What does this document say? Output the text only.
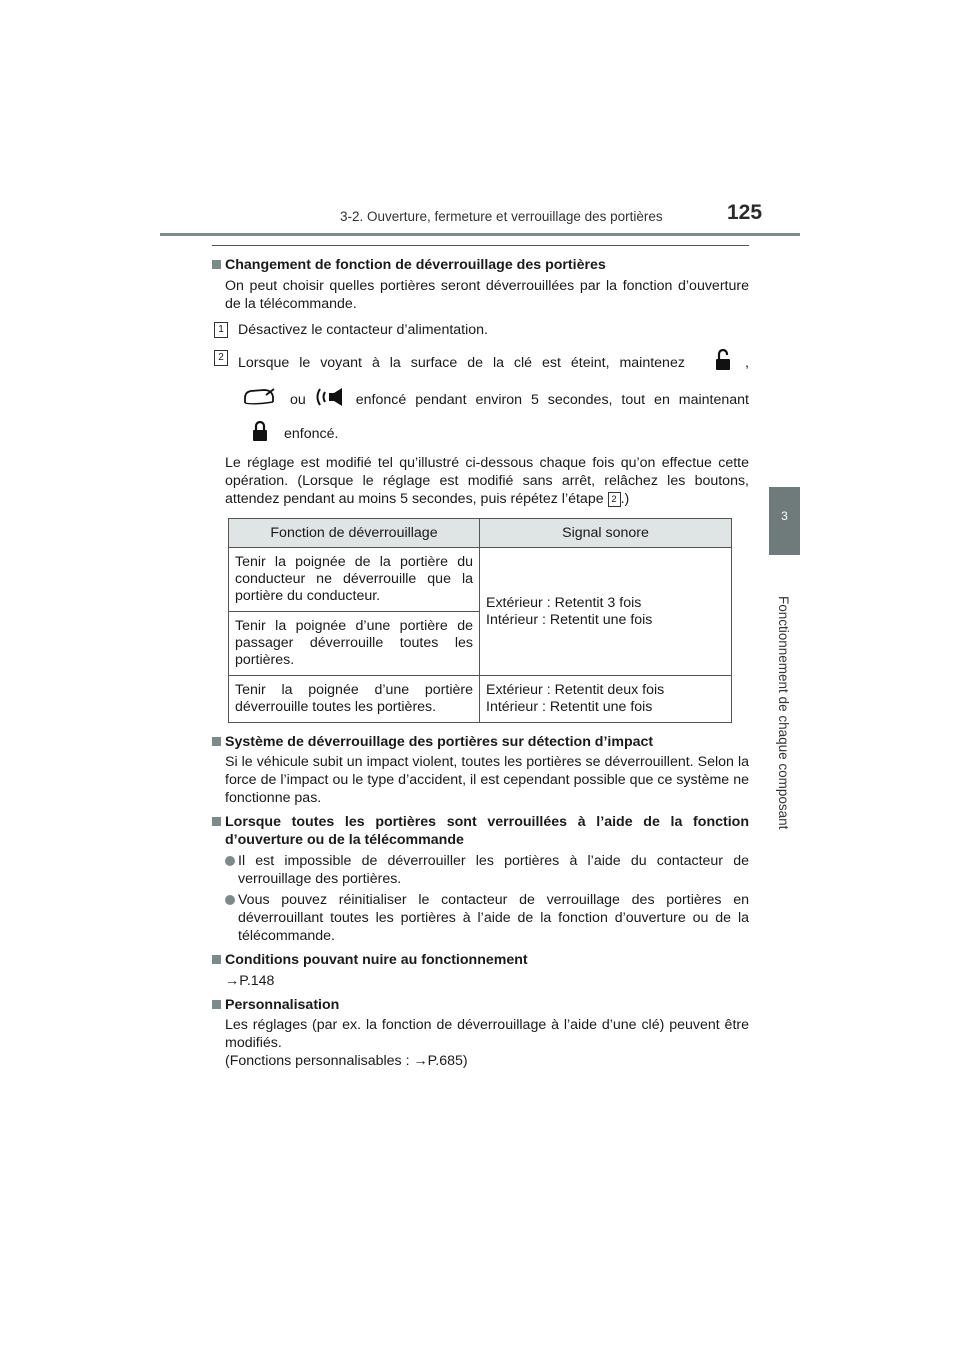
125
3-2. Ouverture, fermeture et verrouillage des portières
3
Fonctionnement de chaque composant
Changement de fonction de déverrouillage des portières
On peut choisir quelles portières seront déverrouillées par la fonction d’ouverture de la télécommande.
1 Désactivez le contacteur d’alimentation.
2 Lorsque le voyant à la surface de la clé est éteint, maintenez	,
ou	enfoncé pendant environ 5 secondes, tout en maintenant
enfoncé.
Le réglage est modifié tel qu’illustré ci-dessous chaque fois qu’on effectue cette opération. (Lorsque le réglage est modifié sans arrêt, relâchez les boutons, attendez pendant au moins 5 secondes, puis répétez l’étape 2 .)
Fonction de déverrouillage	Signal sonore
Tenir la poignée de la portière du conducteur ne déverrouille que la portière du conducteur.	Extérieur : Retentit 3 fois
Intérieur : Retentit une fois

Tenir la poignée d’une portière de passager déverrouille toutes les portières.	
Tenir la poignée d’une portière déverrouille toutes les portières.	Extérieur : Retentit deux fois
Intérieur : Retentit une fois
Système de déverrouillage des portières sur détection d’impact
Si le véhicule subit un impact violent, toutes les portières se déverrouillent. Selon la force de l’impact ou le type d’accident, il est cependant possible que ce système ne fonctionne pas.
Lorsque toutes les portières sont verrouillées à l’aide de la fonction d’ouverture ou de la télécommande
Il est impossible de déverrouiller les portières à l’aide du contacteur de verrouillage des portières.
Vous pouvez réinitialiser le contacteur de verrouillage des portières en déverrouillant toutes les portières à l’aide de la fonction d’ouverture ou de la télécommande.
Conditions pouvant nuire au fonctionnement
→P.148
Personnalisation
Les réglages (par ex. la fonction de déverrouillage à l’aide d’une clé) peuvent être modifiés.
(Fonctions personnalisables : →P.685)
